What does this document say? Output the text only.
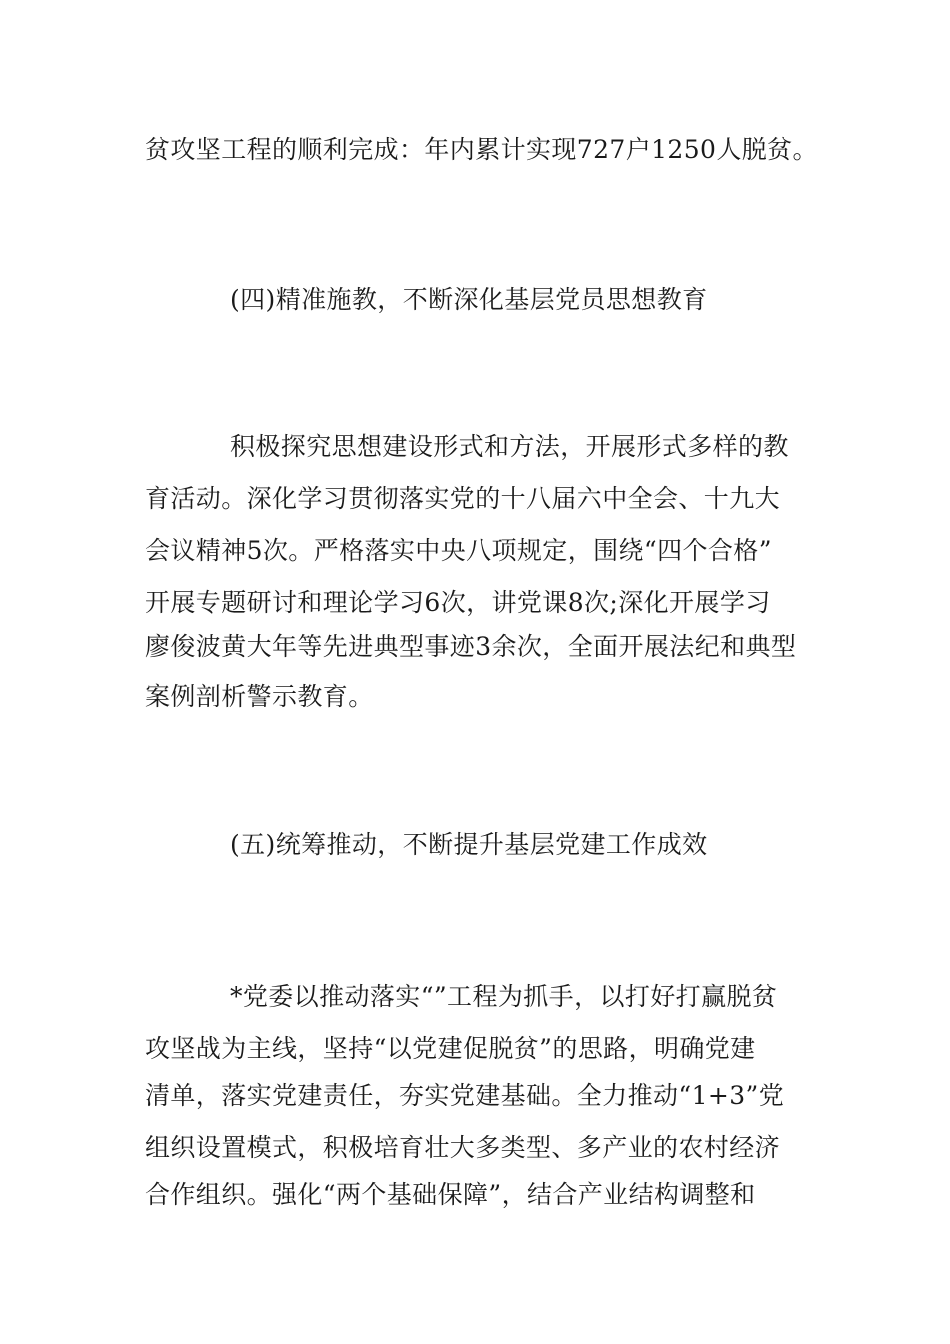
贫攻坚工程的顺利完成：年内累计实现727户1250人脱贫。
(四)精准施教，不断深化基层党员思想教育
积极探究思想建设形式和方法，开展形式多样的教
育活动。深化学习贯彻落实党的十八届六中全会、十九大
会议精神5次。严格落实中央八项规定，围绕“四个合格”
开展专题研讨和理论学习6次，讲党课8次;深化开展学习
廖俊波黄大年等先进典型事迹3余次，全面开展法纪和典型
案例剖析警示教育。
(五)统筹推动，不断提升基层党建工作成效
*党委以推动落实“”工程为抓手，以打好打赢脱贫
攻坚战为主线，坚持“以党建促脱贫”的思路，明确党建
清单，落实党建责任，夯实党建基础。全力推动“1+3”党
组织设置模式，积极培育壮大多类型、多产业的农村经济
合作组织。强化“两个基础保障”，结合产业结构调整和
